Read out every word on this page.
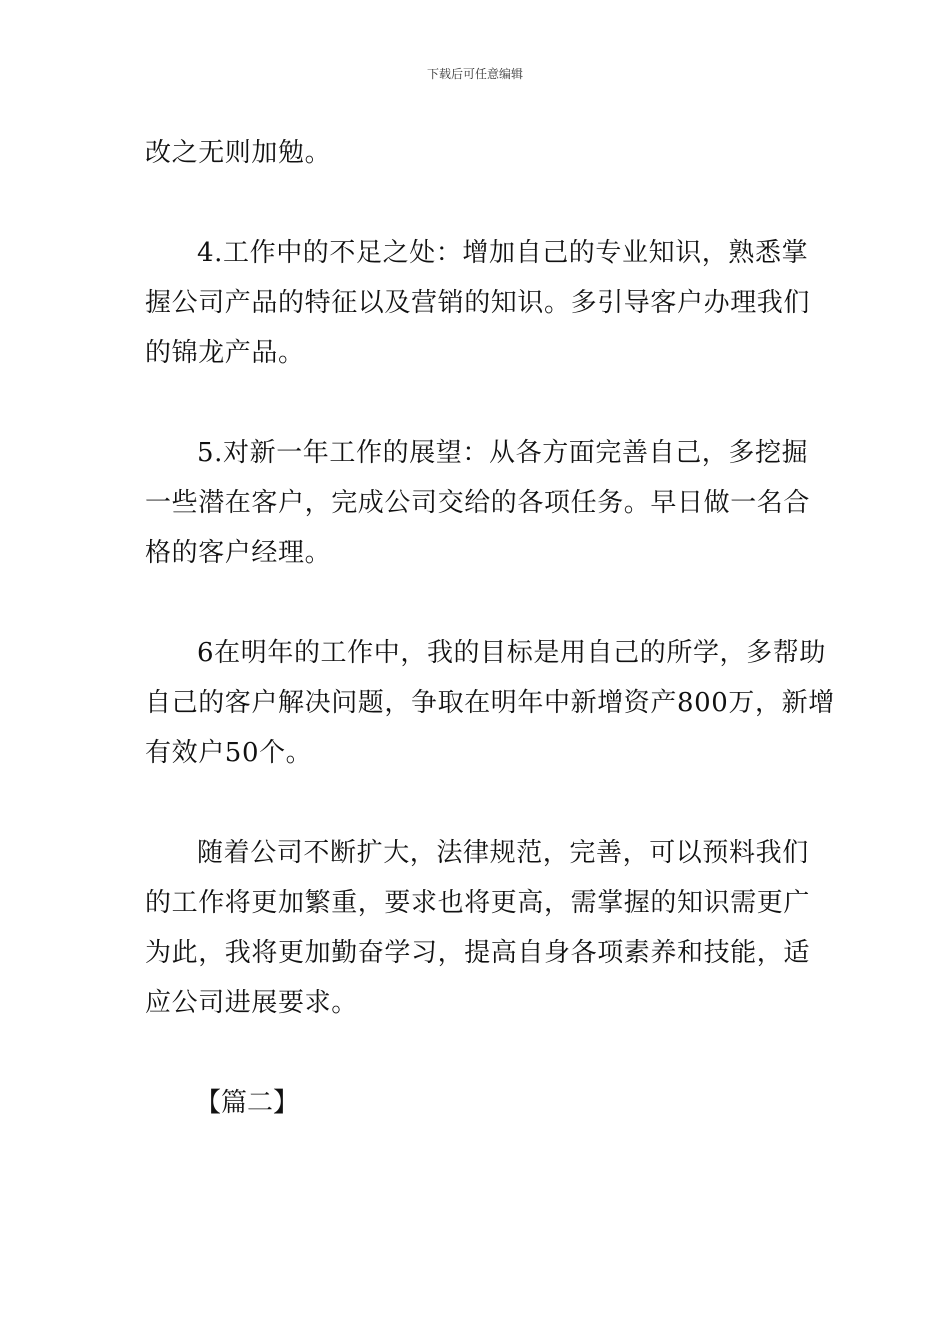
下载后可任意编辑
改之无则加勉。
4.工作中的不足之处：增加自己的专业知识，熟悉掌
握公司产品的特征以及营销的知识。多引导客户办理我们
的锦龙产品。
5.对新一年工作的展望：从各方面完善自己，多挖掘
一些潜在客户，完成公司交给的各项任务。早日做一名合
格的客户经理。
6在明年的工作中，我的目标是用自己的所学，多帮助
自己的客户解决问题，争取在明年中新增资产800万，新增
有效户50个。
随着公司不断扩大，法律规范，完善，可以预料我们
的工作将更加繁重，要求也将更高，需掌握的知识需更广
为此，我将更加勤奋学习，提高自身各项素养和技能，适
应公司进展要求。
【篇二】
